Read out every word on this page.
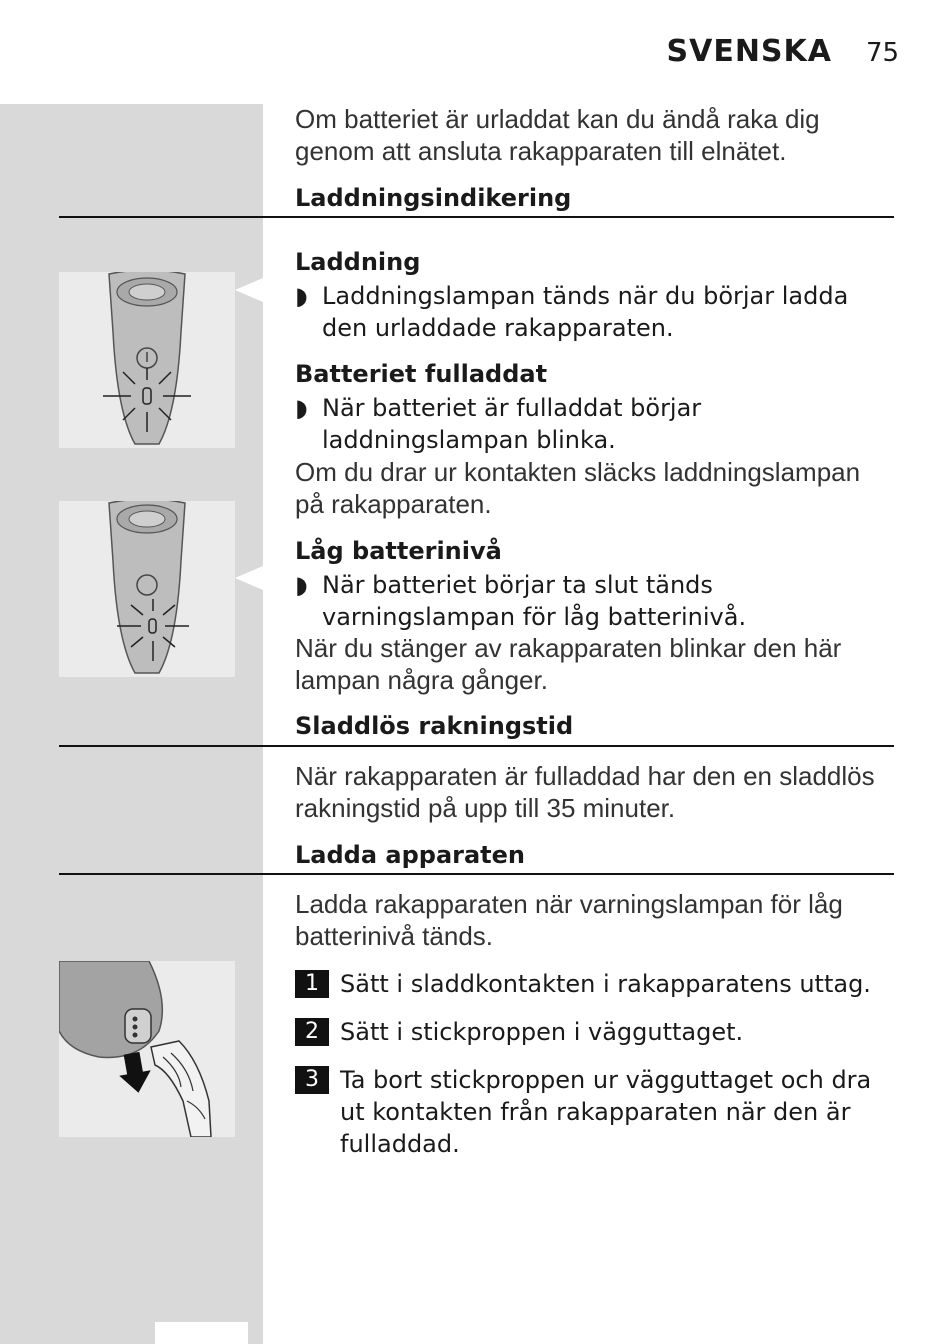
SVENSKA 75
Om batteriet är urladdat kan du ändå raka dig genom att ansluta rakapparaten till elnätet.
Laddningsindikering
Laddning
◗ Laddningslampan tänds när du börjar ladda den urladdade rakapparaten.
Batteriet fulladdat
◗ När batteriet är fulladdat börjar laddningslampan blinka.
Om du drar ur kontakten släcks laddningslampan på rakapparaten.
Låg batterinivå
◗ När batteriet börjar ta slut tänds varningslampan för låg batterinivå.
När du stänger av rakapparaten blinkar den här lampan några gånger.
Sladdlös rakningstid
När rakapparaten är fulladdad har den en sladdlös rakningstid på upp till 35 minuter.
Ladda apparaten
Ladda rakapparaten när varningslampan för låg batterinivå tänds.
1 Sätt i sladdkontakten i rakapparatens uttag.
2 Sätt i stickproppen i vägguttaget.
3 Ta bort stickproppen ur vägguttaget och dra ut kontakten från rakapparaten när den är fulladdad.
